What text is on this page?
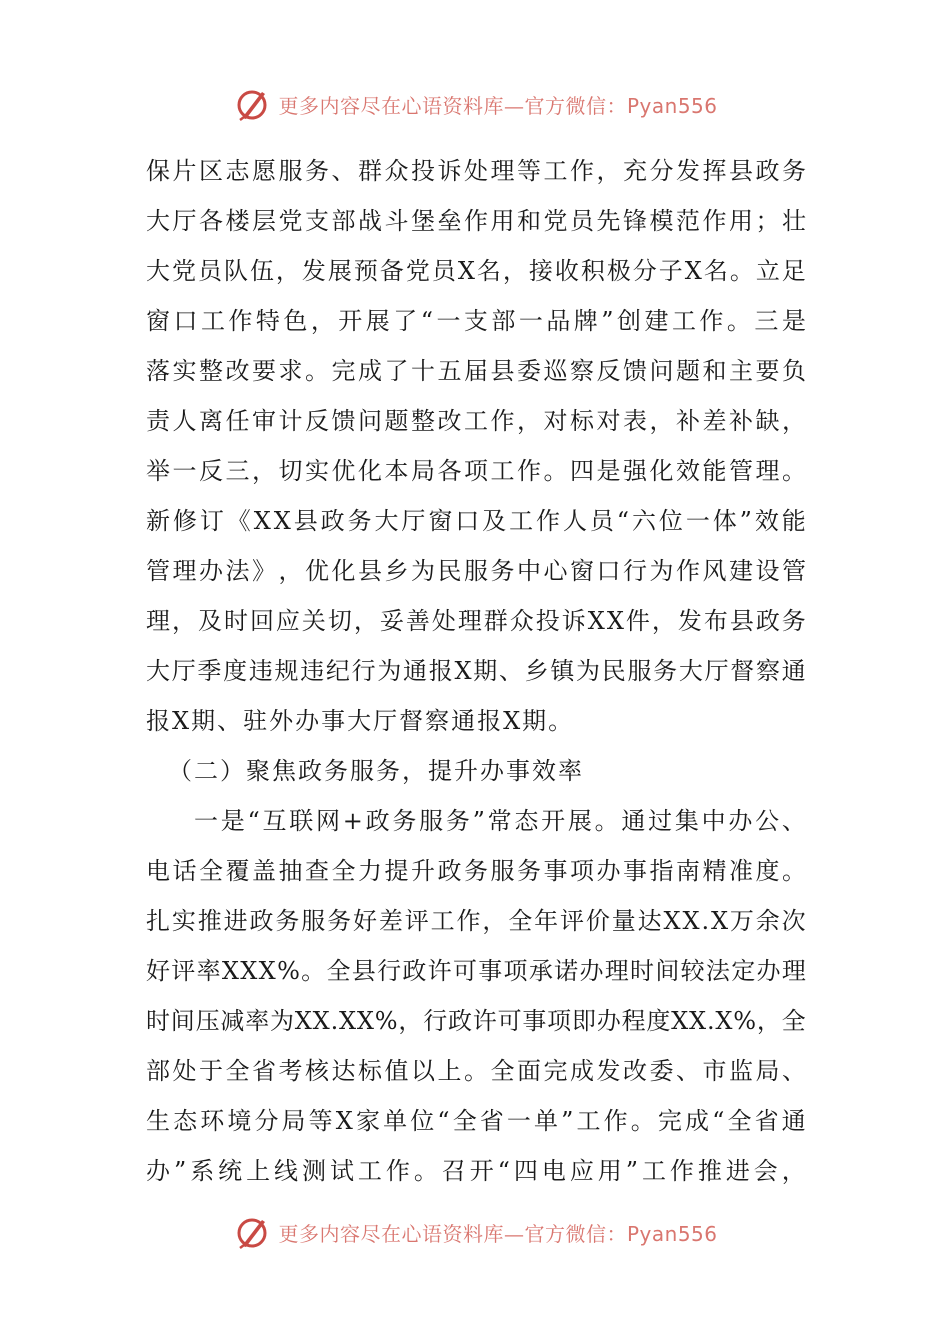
更多内容尽在心语资料库—官方微信：Pyan556
保 片 区 志 愿 服 务 、 群 众 投 诉 处 理 等 工 作 ， 充 分 发 挥 县 政 务
大 厅 各 楼 层 党 支 部 战 斗 堡 垒 作 用 和 党 员 先 锋 模 范 作 用 ； 壮
大 党 员 队 伍 ， 发 展 预 备 党 员 X 名 ， 接 收 积 极 分 子 X 名 。 立 足
窗 口 工 作 特 色 ， 开 展 了 “ 一 支 部 一 品 牌 ” 创 建 工 作 。 三 是
落 实 整 改 要 求 。 完 成 了 十 五 届 县 委 巡 察 反 馈 问 题 和 主 要 负
责 人 离 任 审 计 反 馈 问 题 整 改 工 作 ， 对 标 对 表 ， 补 差 补 缺 ，
举 一 反 三 ， 切 实 优 化 本 局 各 项 工 作 。 四 是 强 化 效 能 管 理 。
新 修 订 《 X X 县 政 务 大 厅 窗 口 及 工 作 人 员 “ 六 位 一 体 ” 效 能
管 理 办 法 》 ， 优 化 县 乡 为 民 服 务 中 心 窗 口 行 为 作 风 建 设 管
理 ， 及 时 回 应 关 切 ， 妥 善 处 理 群 众 投 诉 X X 件 ， 发 布 县 政 务
大 厅 季 度 违 规 违 纪 行 为 通 报 X 期 、 乡 镇 为 民 服 务 大 厅 督 察 通
报X期、驻外办事大厅督察通报X期。
（二）聚焦政务服务，提升办事效率
一 是 “ 互 联 网 + 政 务 服 务 ” 常 态 开 展 。 通 过 集 中 办 公 、
电 话 全 覆 盖 抽 查 全 力 提 升 政 务 服 务 事 项 办 事 指 南 精 准 度 。
扎 实 推 进 政 务 服 务 好 差 评 工 作 ， 全 年 评 价 量 达 X X . X 万 余 次
好 评 率 X X X % 。 全 县 行 政 许 可 事 项 承 诺 办 理 时 间 较 法 定 办 理
时 间 压 减 率 为 X X . X X % ， 行 政 许 可 事 项 即 办 程 度 X X . X % ， 全
部 处 于 全 省 考 核 达 标 值 以 上 。 全 面 完 成 发 改 委 、 市 监 局 、
生 态 环 境 分 局 等 X 家 单 位 “ 全 省 一 单 ” 工 作 。 完 成 “ 全 省 通
办 ” 系 统 上 线 测 试 工 作 。 召 开 “ 四 电 应 用 ” 工 作 推 进 会 ，
更多内容尽在心语资料库—官方微信：Pyan556
